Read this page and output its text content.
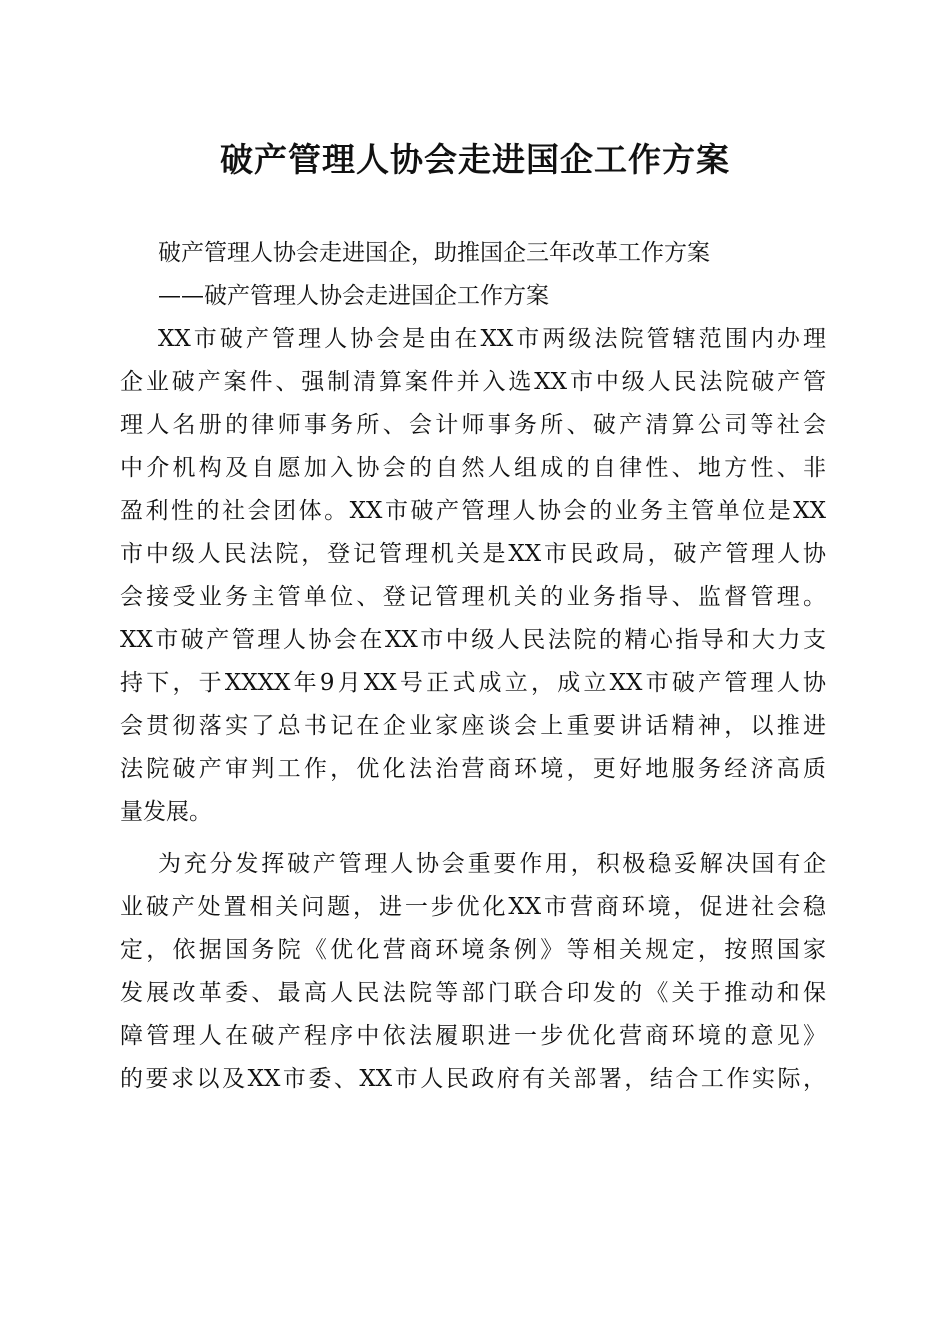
破产管理人协会走进国企工作方案
破产管理人协会走进国企，助推国企三年改革工作方案
——破产管理人协会走进国企工作方案
XX市破产管理人协会是由在XX市两级法院管辖范围内办理
企业破产案件、强制清算案件并入选XX市中级人民法院破产管
理人名册的律师事务所、会计师事务所、破产清算公司等社会
中介机构及自愿加入协会的自然人组成的自律性、地方性、非
盈利性的社会团体。XX市破产管理人协会的业务主管单位是XX
市中级人民法院，登记管理机关是XX市民政局，破产管理人协
会接受业务主管单位、登记管理机关的业务指导、监督管理。
XX市破产管理人协会在XX市中级人民法院的精心指导和大力支
持下，于XXXX年9月XX号正式成立，成立XX市破产管理人协
会贯彻落实了总书记在企业家座谈会上重要讲话精神，以推进
法院破产审判工作，优化法治营商环境，更好地服务经济高质
量发展。
为充分发挥破产管理人协会重要作用，积极稳妥解决国有企
业破产处置相关问题，进一步优化XX市营商环境，促进社会稳
定，依据国务院《优化营商环境条例》等相关规定，按照国家
发展改革委、最高人民法院等部门联合印发的《关于推动和保
障管理人在破产程序中依法履职进一步优化营商环境的意见》
的要求以及XX市委、XX市人民政府有关部署，结合工作实际，
